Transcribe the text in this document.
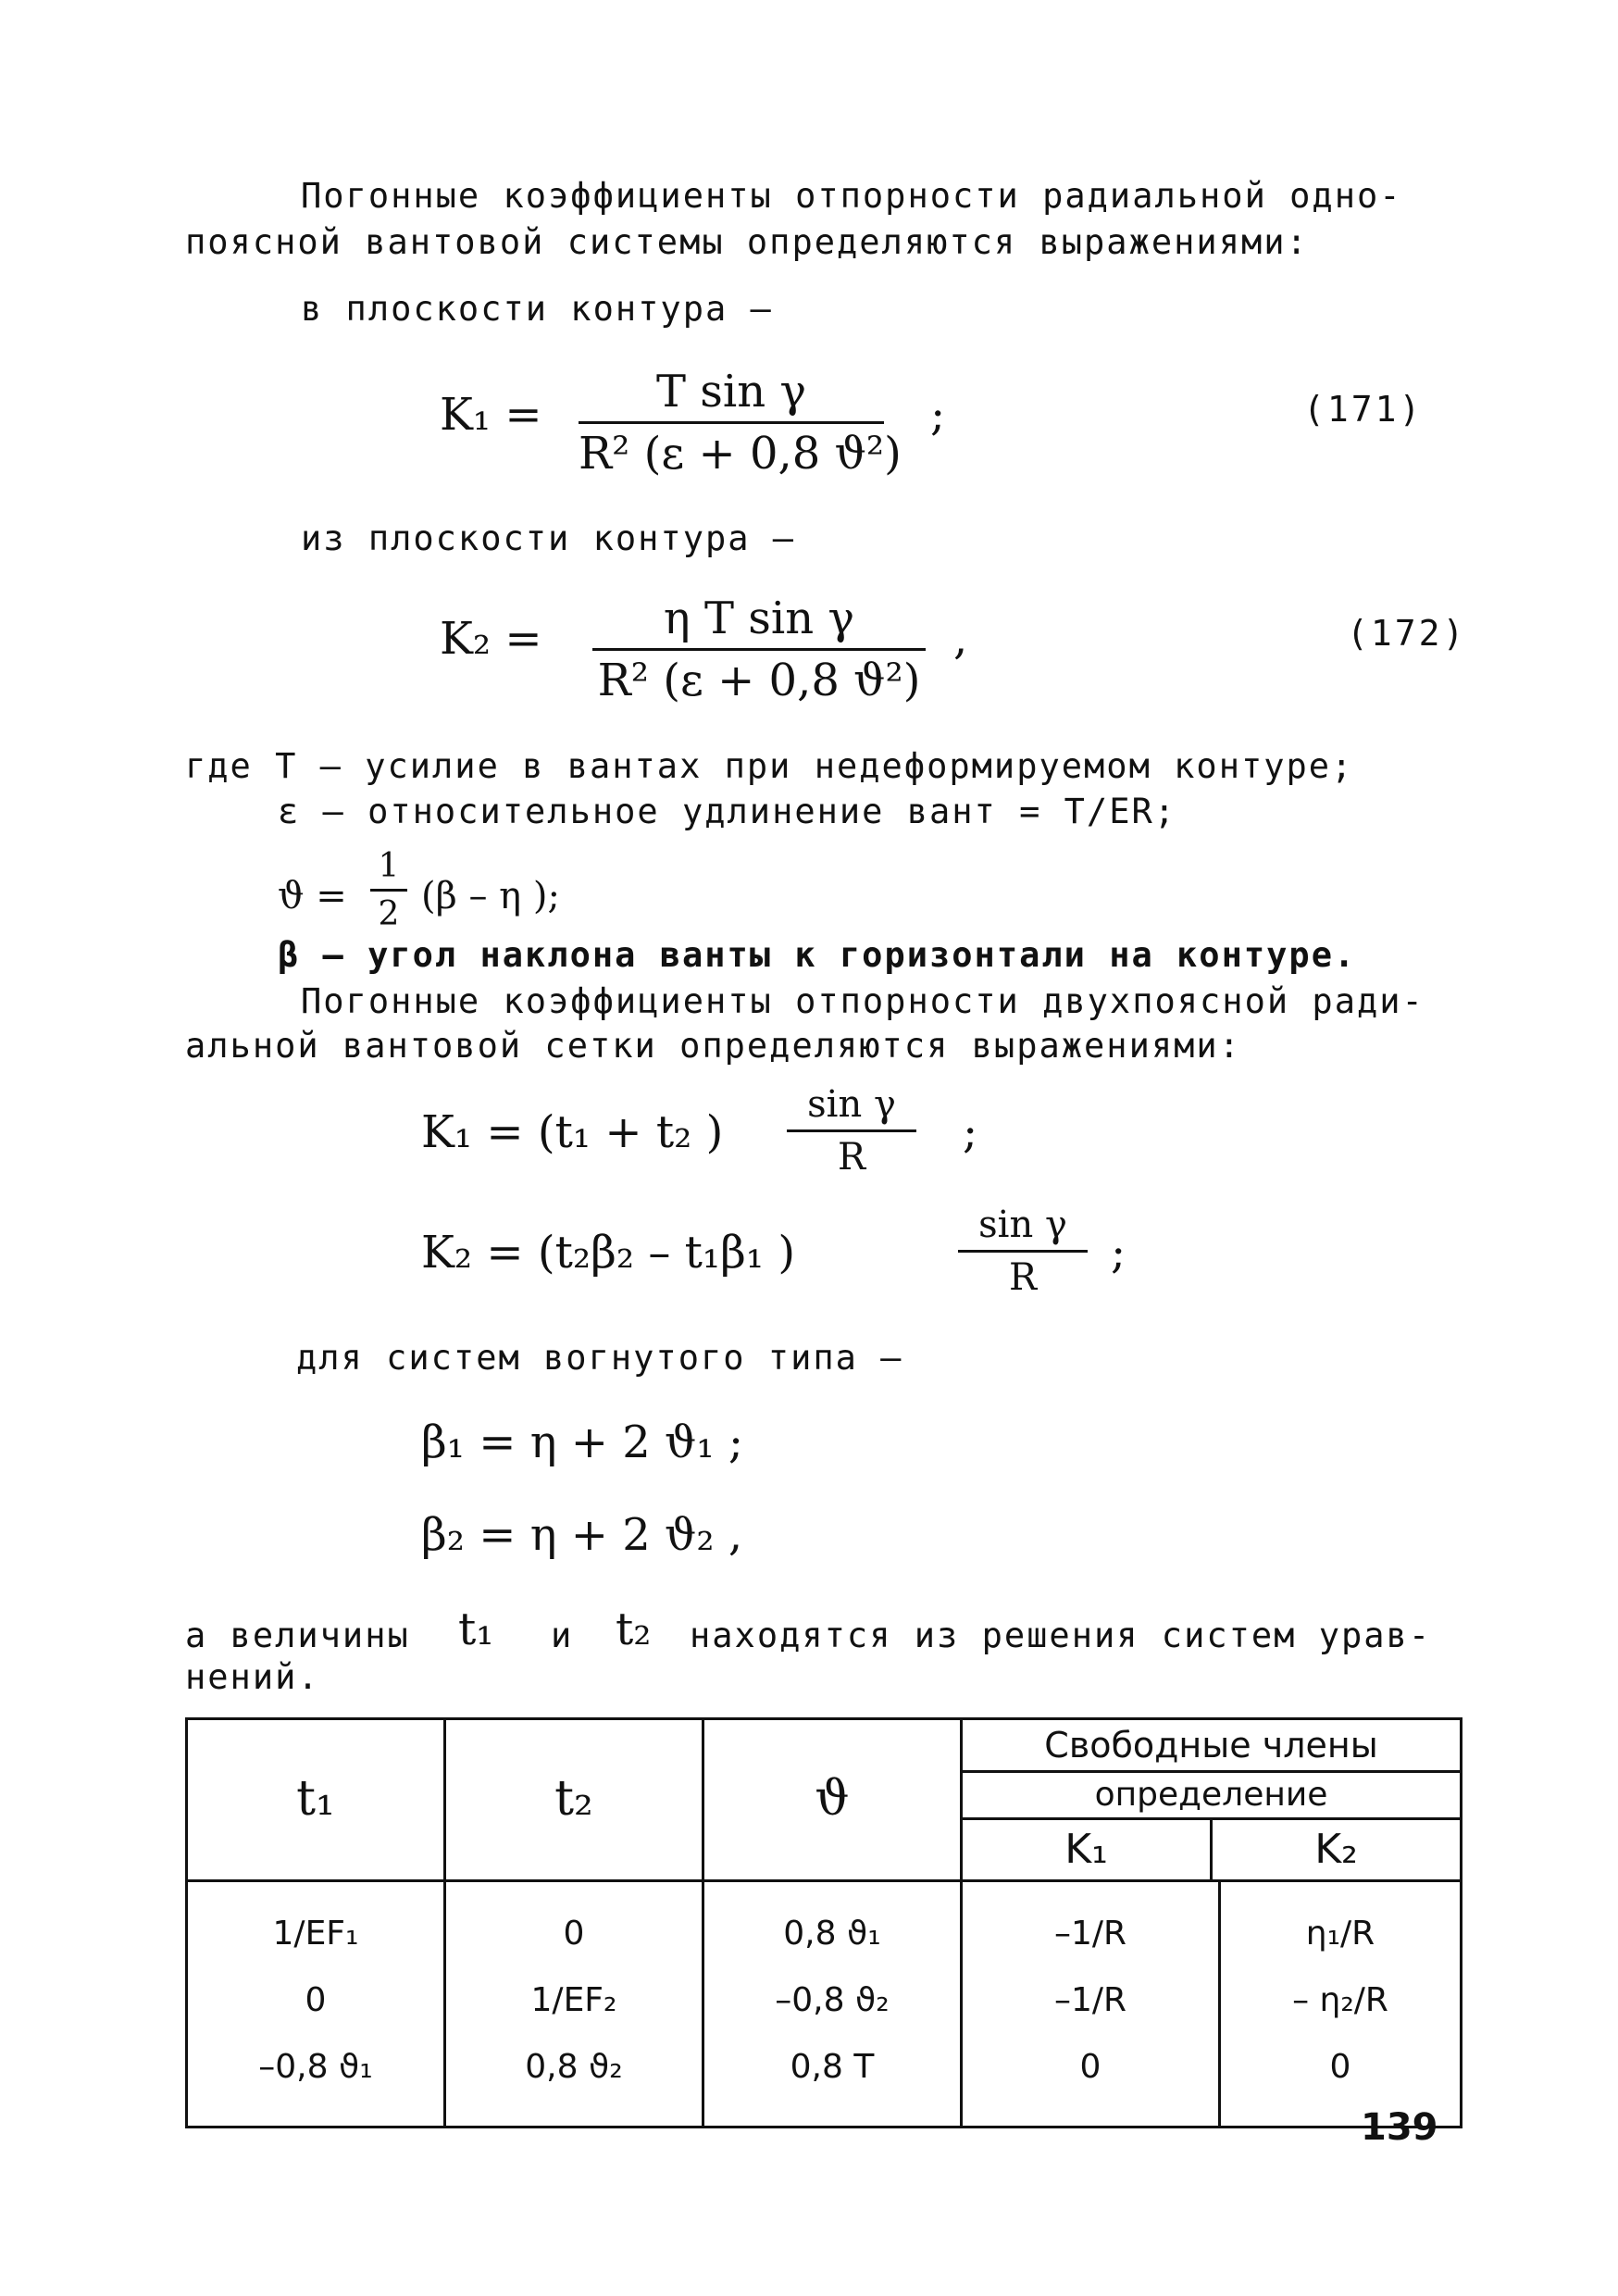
Погонные коэффициенты отпорности радиальной одно-
поясной вантовой системы определяются выражениями:
в плоскости контура –
K₁ =	T sin γ
R² (ε + 0,8 ϑ²)
;	(171)
из плоскости контура –
K₂ =	η T sin γ
R² (ε + 0,8 ϑ²)
,	(172)
где Т – усилие в вантах при недеформируемом контуре;
ε – относительное удлинение вант = Т/ЕR;
ϑ =
1
2 (β – η );
β – угол наклона ванты к горизонтали на контуре.
Погонные коэффициенты отпорности двухпоясной ради-
альной вантовой сетки определяются выражениями:
K₁ = (t₁ + t₂ )
sin γ
R	;
K₂ = (t₂β₂ – t₁β₁ )
sin γ
R	;
для систем вогнутого типа –
β₁ = η + 2 ϑ₁ ;
β₂ = η + 2 ϑ₂ ,
а величины t₁ и t₂ находятся из решения систем урав-
нений.
t₁	t₂	ϑ	Свободные члены
определение
K₁ K₂	

1/EF₁	0	0,8 ϑ₁	–1/R	η₁/R
0	1/EF₂	–0,8 ϑ₂	–1/R	– η₂/R
–0,8 ϑ₁	0,8 ϑ₂	0,8 T	0	0
139
